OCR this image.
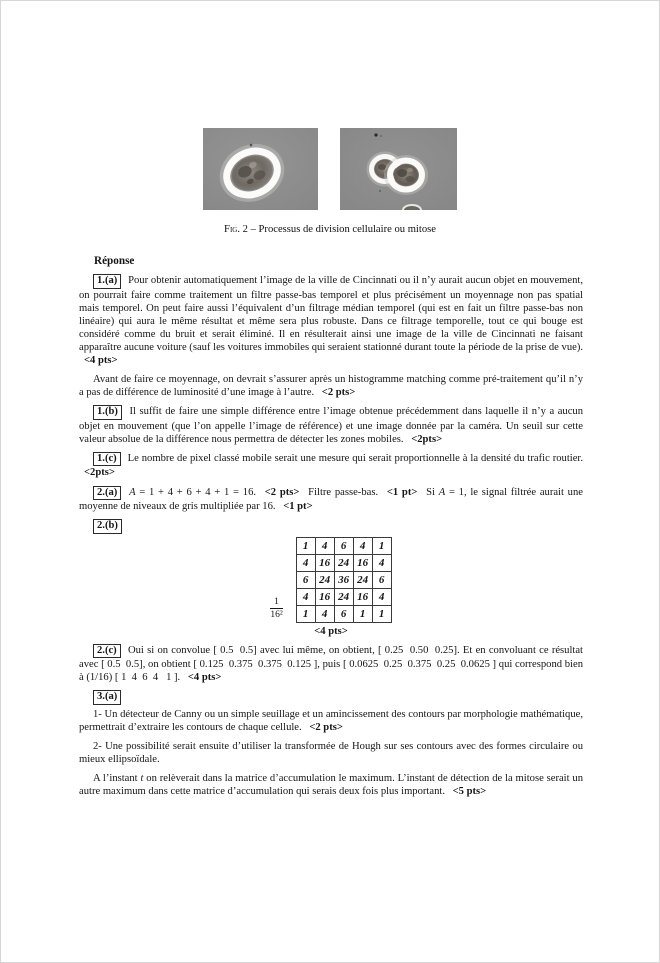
Fig. 2 – Processus de division cellulaire ou mitose
Réponse
1.(a) Pour obtenir automatiquement l’image de la ville de Cincinnati ou il n’y aurait aucun objet en mouvement, on pourrait faire comme traitement un filtre passe-bas temporel et plus précisément un moyennage non pas spatial mais temporel. On peut faire aussi l’équivalent d’un filtrage médian temporel (qui est en fait un filtre passe-bas non linéaire) qui aura le même résultat et même sera plus robuste. Dans ce filtrage temporelle, tout ce qui bouge est considéré comme du bruit et serait éliminé. Il en résulterait ainsi une image de la ville de Cincinnati ne faisant apparaître aucune voiture (sauf les voitures immobiles qui seraient stationné durant toute la période de la prise de vue). <4 pts>
Avant de faire ce moyennage, on devrait s’assurer après un histogramme matching comme pré-traitement qu’il n’y a pas de différence de luminosité d’une image à l’autre. <2 pts>
1.(b) Il suffit de faire une simple différence entre l’image obtenue précédemment dans laquelle il n’y a aucun objet en mouvement (que l’on appelle l’image de référence) et une image donnée par la caméra. Un seuil sur cette valeur absolue de la différence nous permettra de détecter les zones mobiles. <2pts>
1.(c) Le nombre de pixel classé mobile serait une mesure qui serait proportionnelle à la densité du trafic routier. <2pts>
2.(a) A = 1 + 4 + 6 + 4 + 1 = 16. <2 pts> Filtre passe-bas. <1 pt> Si A = 1, le signal filtrée aurait une moyenne de niveaux de gris multipliée par 16. <1 pt>
2.(b)
$\frac{1}{\text{16²}}$
1	4	6	4	1
4	16	24	16	4
6	24	36	24	6
4	16	24	16	4
1	4	6	1	1
<4 pts>
2.(c) Oui si on convolue [ 0.5  0.5] avec lui même, on obtient, [ 0.25  0.50  0.25]. Et en convoluant ce résultat avec [ 0.5  0.5], on obtient [ 0.125  0.375  0.375  0.125 ], puis [ 0.0625  0.25  0.375  0.25  0.0625 ] qui correspond bien à (1/16) [ 1  4  6  4   1 ]. <4 pts>
3.(a)
1- Un détecteur de Canny ou un simple seuillage et un amincissement des contours par morphologie mathématique, permettrait d’extraire les contours de chaque cellule. <2 pts>
2- Une possibilité serait ensuite d’utiliser la transformée de Hough sur ses contours avec des formes circulaire ou mieux ellipsoïdale.
A l’instant t on relèverait dans la matrice d’accumulation le maximum. L’instant de détection de la mitose serait un autre maximum dans cette matrice d’accumulation qui serais deux fois plus important. <5 pts>
